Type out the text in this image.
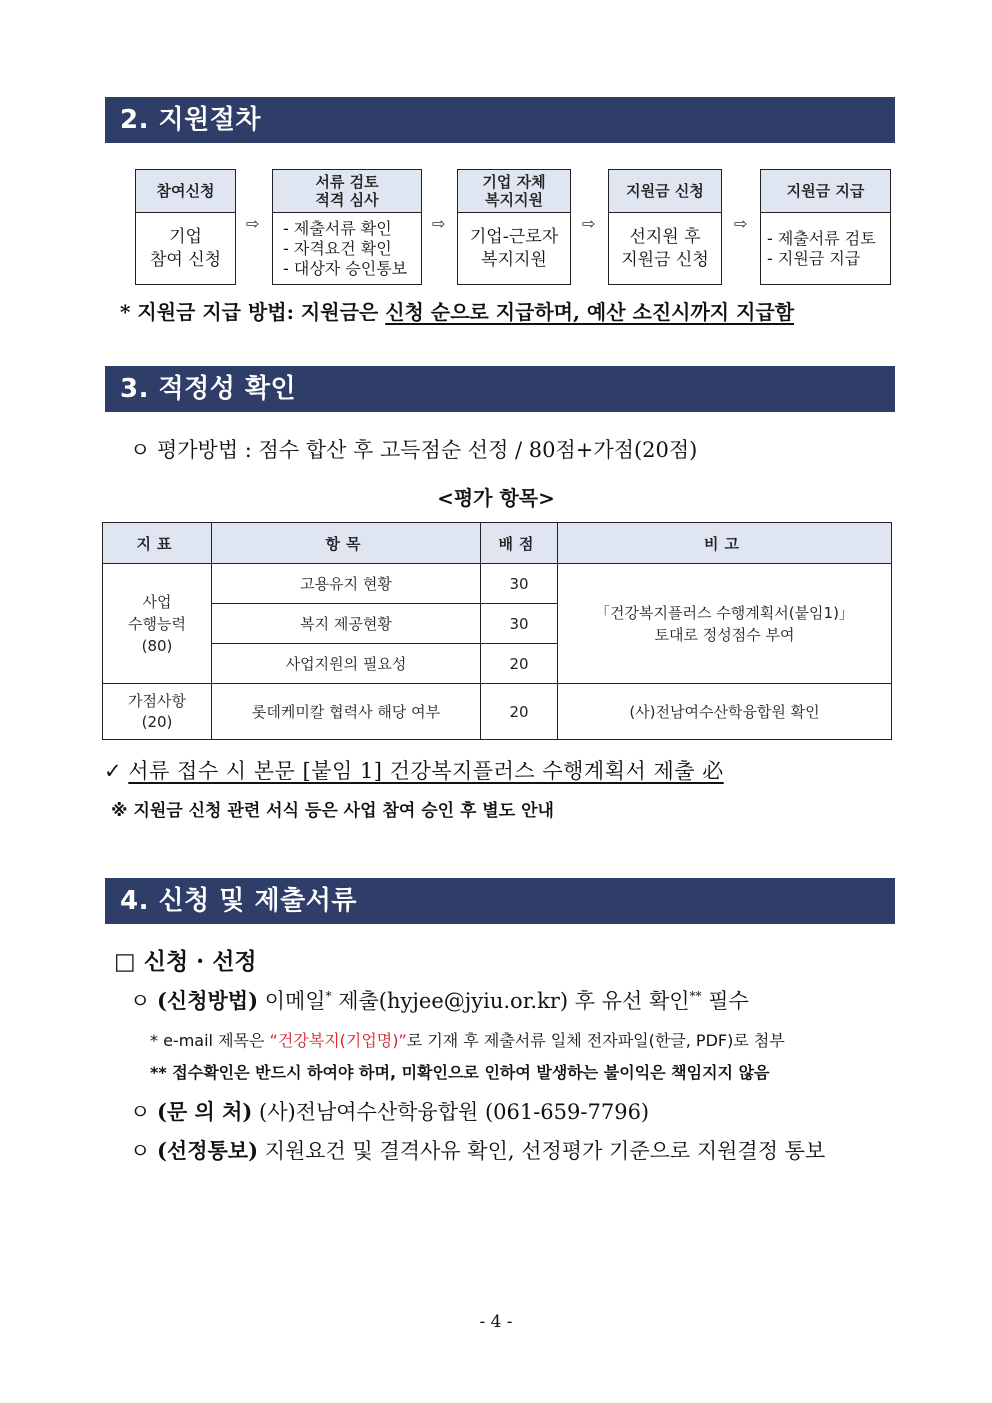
2. 지원절차
참여신청
기업
참여 신청
⇨
서류 검토
적격 심사
- 제출서류 확인
- 자격요건 확인
- 대상자 승인통보
⇨
기업 자체
복지지원
기업-근로자
복지지원
⇨
지원금 신청
선지원 후
지원금 신청
⇨
지원금 지급
- 제출서류 검토
- 지원금 지급
* 지원금 지급 방법: 지원금은 신청 순으로 지급하며, 예산 소진시까지 지급함
3. 적정성 확인
ㅇ 평가방법 : 점수 합산 후 고득점순 선정 / 80점+가점(20점)
<평가 항목>
지표	항목	배점	비고
사업
수행능력
(80)	고용유지 현황	30	「건강복지플러스 수행계획서(붙임1)」
토대로 정성점수 부여
	복지 제공현황	30	
	사업지원의 필요성	20	
가점사항
(20)	롯데케미칼 협력사 해당 여부	20	(사)전남여수산학융합원 확인
✓ 서류 접수 시 본문 [붙임 1] 건강복지플러스 수행계획서 제출 必
※ 지원금 신청 관련 서식 등은 사업 참여 승인 후 별도 안내
4. 신청 및 제출서류
□ 신청 · 선정
ㅇ (신청방법) 이메일* 제출(hyjee@jyiu.or.kr) 후 유선 확인** 필수
* e-mail 제목은 “건강복지(기업명)”로 기재 후 제출서류 일체 전자파일(한글, PDF)로 첨부
** 접수확인은 반드시 하여야 하며, 미확인으로 인하여 발생하는 불이익은 책임지지 않음
ㅇ (문 의 처) (사)전남여수산학융합원 (061-659-7796)
ㅇ (선정통보) 지원요건 및 결격사유 확인, 선정평가 기준으로 지원결정 통보
- 4 -
